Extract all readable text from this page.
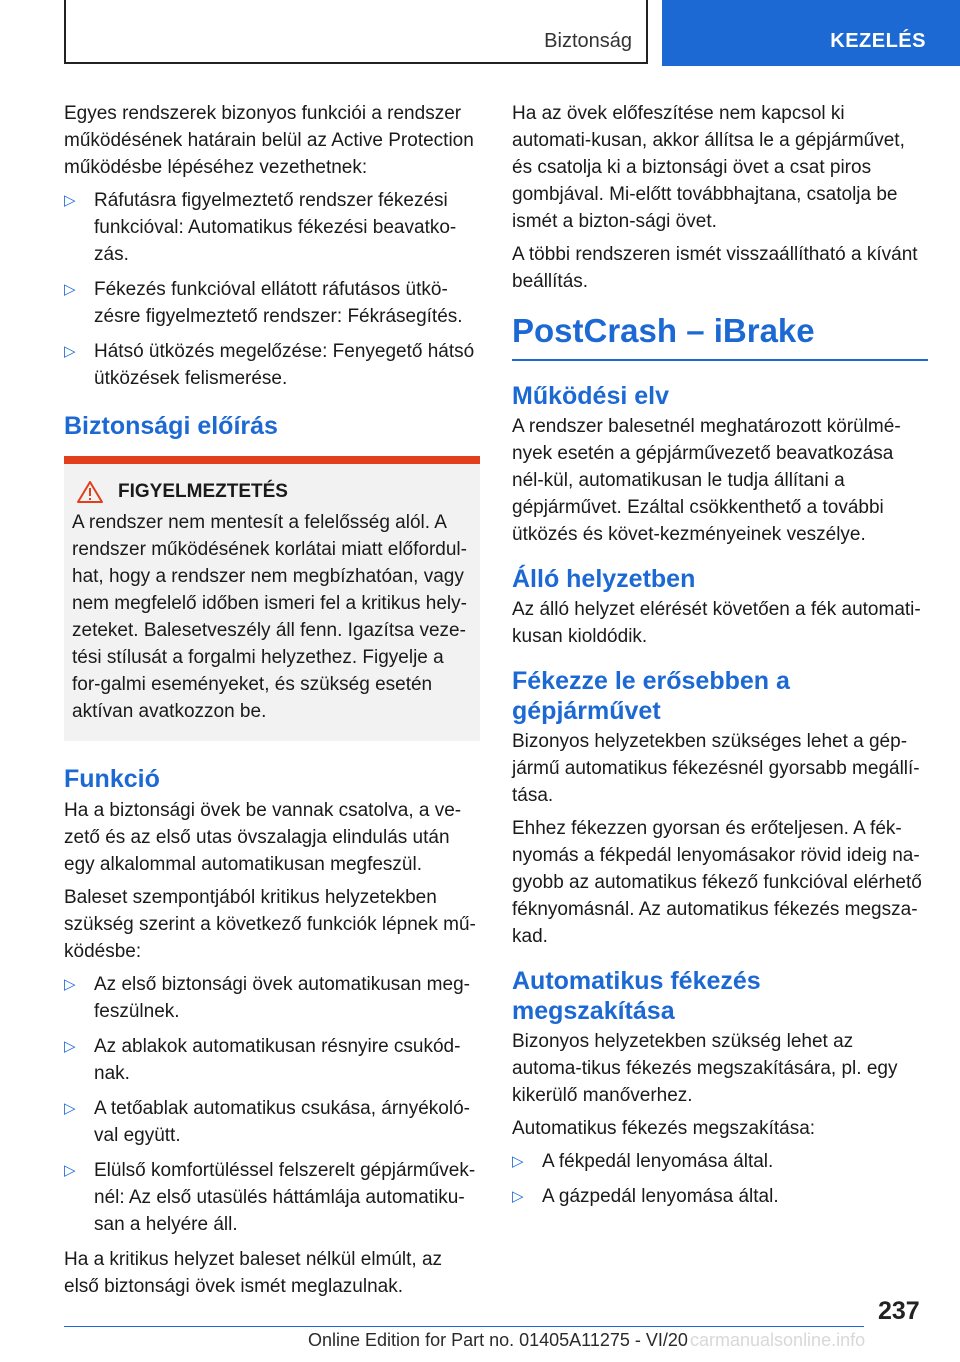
Biztonság	KEZELÉS

Egyes rendszerek bizonyos funkciói a rendszer működésének határain belül az Active Protection működésbe lépéséhez vezethetnek:

▷ Ráfutásra figyelmeztető rendszer fékezési funkcióval: Automatikus fékezési beavatko-zás.
▷ Fékezés funkcióval ellátott ráfutásos ütkö-zésre figyelmeztető rendszer: Fékrásegítés.
▷ Hátsó ütközés megelőzése: Fenyegető hátsó ütközések felismerése.
Biztonsági előírás
FIGYELMEZTETÉS
A rendszer nem mentesít a felelősség alól. A rendszer működésének korlátai miatt előfordul-hat, hogy a rendszer nem megbízhatóan, vagy nem megfelelő időben ismeri fel a kritikus hely-zeteket. Balesetveszély áll fenn. Igazítsa veze-tési stílusát a forgalmi helyzethez. Figyelje a for-galmi eseményeket, és szükség esetén aktívan avatkozzon be.
Funkció

Ha a biztonsági övek be vannak csatolva, a ve-zető és az első utas övszalagja elindulás után egy alkalommal automatikusan megfeszül.

Baleset szempontjából kritikus helyzetekben szükség szerint a következő funkciók lépnek mű-ködésbe:

▷ Az első biztonsági övek automatikusan meg-feszülnek.
▷ Az ablakok automatikusan résnyire csukód-nak.
▷ A tetőablak automatikus csukása, árnyékoló-val együtt.
▷ Elülső komfortüléssel felszerelt gépjárművek-nél: Az első utasülés háttámlája automatiku-san a helyére áll.

Ha a kritikus helyzet baleset nélkül elmúlt, az első biztonsági övek ismét meglazulnak.

Ha az övek előfeszítése nem kapcsol ki automati-kusan, akkor állítsa le a gépjárművet, és csatolja ki a biztonsági övet a csat piros gombjával. Mi-előtt továbbhajtana, csatolja be ismét a bizton-sági övet.

A többi rendszeren ismét visszaállítható a kívánt beállítás.

PostCrash – iBrake
Működési elv

A rendszer balesetnél meghatározott körülmé-nyek esetén a gépjárművezető beavatkozása nél-kül, automatikusan le tudja állítani a gépjárművet. Ezáltal csökkenthető a további ütközés és követ-kezményeinek veszélye.

Álló helyzetben

Az álló helyzet elérését követően a fék automati-kusan kioldódik.

Fékezze le erősebben a gépjárművet

Bizonyos helyzetekben szükséges lehet a gép-jármű automatikus fékezésnél gyorsabb megállí-tása.

Ehhez fékezzen gyorsan és erőteljesen. A fék-nyomás a fékpedál lenyomásakor rövid ideig na-gyobb az automatikus fékező funkcióval elérhető féknyomásnál. Az automatikus fékezés megsza-kad.

Automatikus fékezés megszakítása

Bizonyos helyzetekben szükség lehet az automa-tikus fékezés megszakítására, pl. egy kikerülő manőverhez.

Automatikus fékezés megszakítása:

▷ A fékpedál lenyomása által.
▷ A gázpedál lenyomása által.
237
Online Edition for Part no. 01405A11275 - VI/20 carmanualsonline.info
